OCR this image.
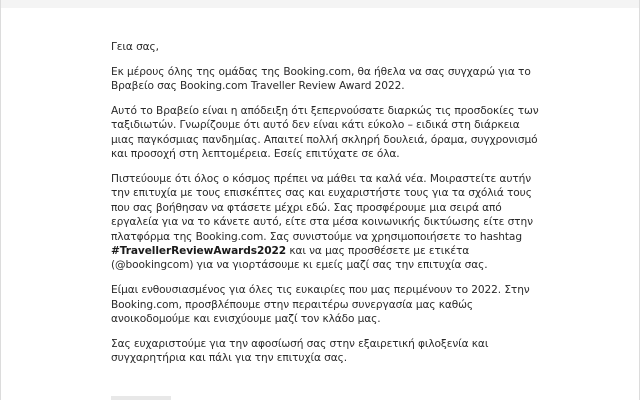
Γεια σας,

Εκ μέρους όλης της ομάδας της Booking.com, θα ήθελα να σας συγχαρώ για το Βραβείο σας Booking.com Traveller Review Award 2022.

Αυτό το Βραβείο είναι η απόδειξη ότι ξεπερνούσατε διαρκώς τις προσδοκίες των ταξιδιωτών. Γνωρίζουμε ότι αυτό δεν είναι κάτι εύκολο – ειδικά στη διάρκεια μιας παγκόσμιας πανδημίας. Απαιτεί πολλή σκληρή δουλειά, όραμα, συγχρονισμό και προσοχή στη λεπτομέρεια. Εσείς επιτύχατε σε όλα.

Πιστεύουμε ότι όλος ο κόσμος πρέπει να μάθει τα καλά νέα. Μοιραστείτε αυτήν την επιτυχία με τους επισκέπτες σας και ευχαριστήστε τους για τα σχόλιά τους που σας βοήθησαν να φτάσετε μέχρι εδώ. Σας προσφέρουμε μια σειρά από εργαλεία για να το κάνετε αυτό, είτε στα μέσα κοινωνικής δικτύωσης είτε στην πλατφόρμα της Booking.com. Σας συνιστούμε να χρησιμοποιήσετε το hashtag #TravellerReviewAwards2022 και να μας προσθέσετε με ετικέτα (@bookingcom) για να γιορτάσουμε κι εμείς μαζί σας την επιτυχία σας.

Είμαι ενθουσιασμένος για όλες τις ευκαιρίες που μας περιμένουν το 2022. Στην Booking.com, προσβλέπουμε στην περαιτέρω συνεργασία μας καθώς ανοικοδομούμε και ενισχύουμε μαζί τον κλάδο μας.

Σας ευχαριστούμε για την αφοσίωσή σας στην εξαιρετική φιλοξενία και συγχαρητήρια και πάλι για την επιτυχία σας.
